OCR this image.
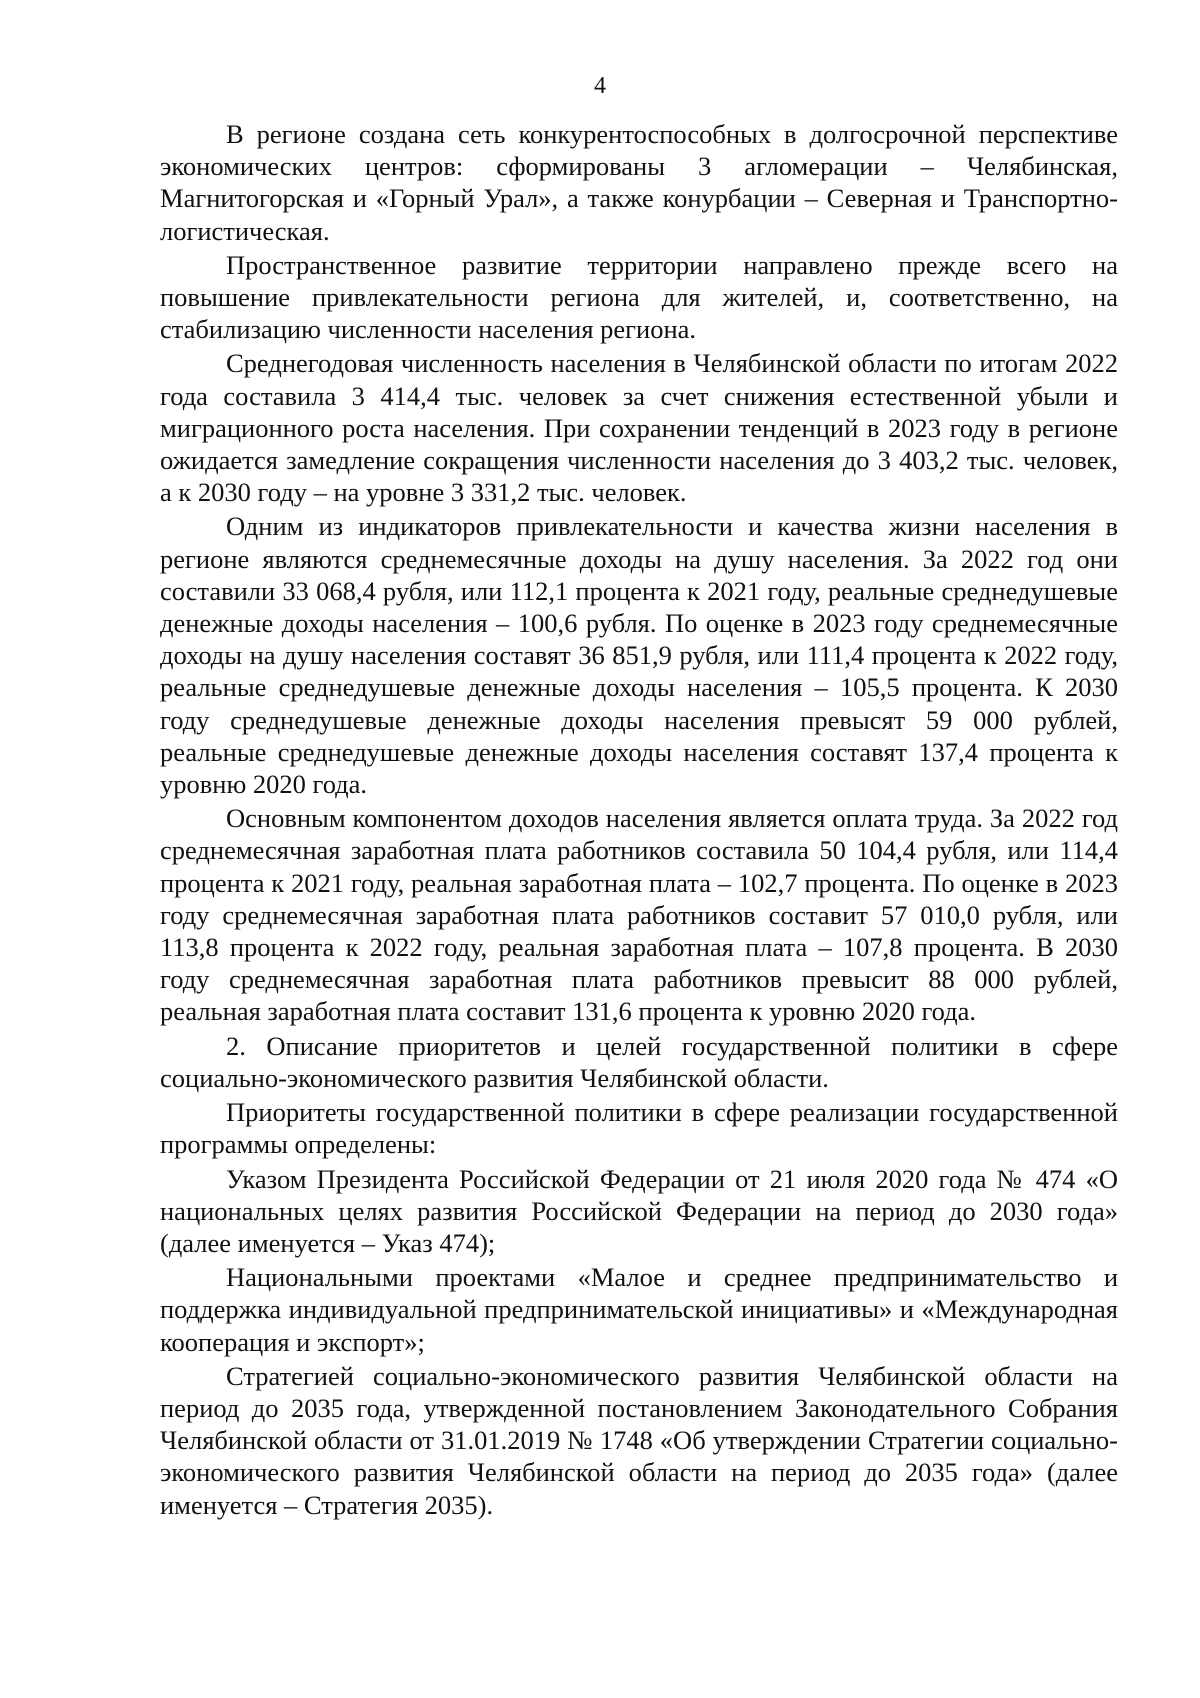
4

В регионе создана сеть конкурентоспособных в долгосрочной перспективе экономических центров: сформированы 3 агломерации – Челябинская, Магнитогорская и «Горный Урал», а также конурбации – Северная и Транспортно-логистическая.

Пространственное развитие территории направлено прежде всего на повышение привлекательности региона для жителей, и, соответственно, на стабилизацию численности населения региона.

Среднегодовая численность населения в Челябинской области по итогам 2022 года составила 3 414,4 тыс. человек за счет снижения естественной убыли и миграционного роста населения. При сохранении тенденций в 2023 году в регионе ожидается замедление сокращения численности населения до 3 403,2 тыс. человек, а к 2030 году – на уровне 3 331,2 тыс. человек.

Одним из индикаторов привлекательности и качества жизни населения в регионе являются среднемесячные доходы на душу населения. За 2022 год они составили 33 068,4 рубля, или 112,1 процента к 2021 году, реальные среднедушевые денежные доходы населения – 100,6 рубля. По оценке в 2023 году среднемесячные доходы на душу населения составят 36 851,9 рубля, или 111,4 процента к 2022 году, реальные среднедушевые денежные доходы населения – 105,5 процента. К 2030 году среднедушевые денежные доходы населения превысят 59 000 рублей, реальные среднедушевые денежные доходы населения составят 137,4 процента к уровню 2020 года.

Основным компонентом доходов населения является оплата труда. За 2022 год среднемесячная заработная плата работников составила 50 104,4 рубля, или 114,4 процента к 2021 году, реальная заработная плата – 102,7 процента. По оценке в 2023 году среднемесячная заработная плата работников составит 57 010,0 рубля, или 113,8 процента к 2022 году, реальная заработная плата – 107,8 процента. В 2030 году среднемесячная заработная плата работников превысит 88 000 рублей, реальная заработная плата составит 131,6 процента к уровню 2020 года.

2. Описание приоритетов и целей государственной политики в сфере социально-экономического развития Челябинской области.

Приоритеты государственной политики в сфере реализации государственной программы определены:

Указом Президента Российской Федерации от 21 июля 2020 года № 474 «О национальных целях развития Российской Федерации на период до 2030 года» (далее именуется – Указ 474);

Национальными проектами «Малое и среднее предпринимательство и поддержка индивидуальной предпринимательской инициативы» и «Международная кооперация и экспорт»;

Стратегией социально-экономического развития Челябинской области на период до 2035 года, утвержденной постановлением Законодательного Собрания Челябинской области от 31.01.2019 № 1748 «Об утверждении Стратегии социально-экономического развития Челябинской области на период до 2035 года» (далее именуется – Стратегия 2035).
